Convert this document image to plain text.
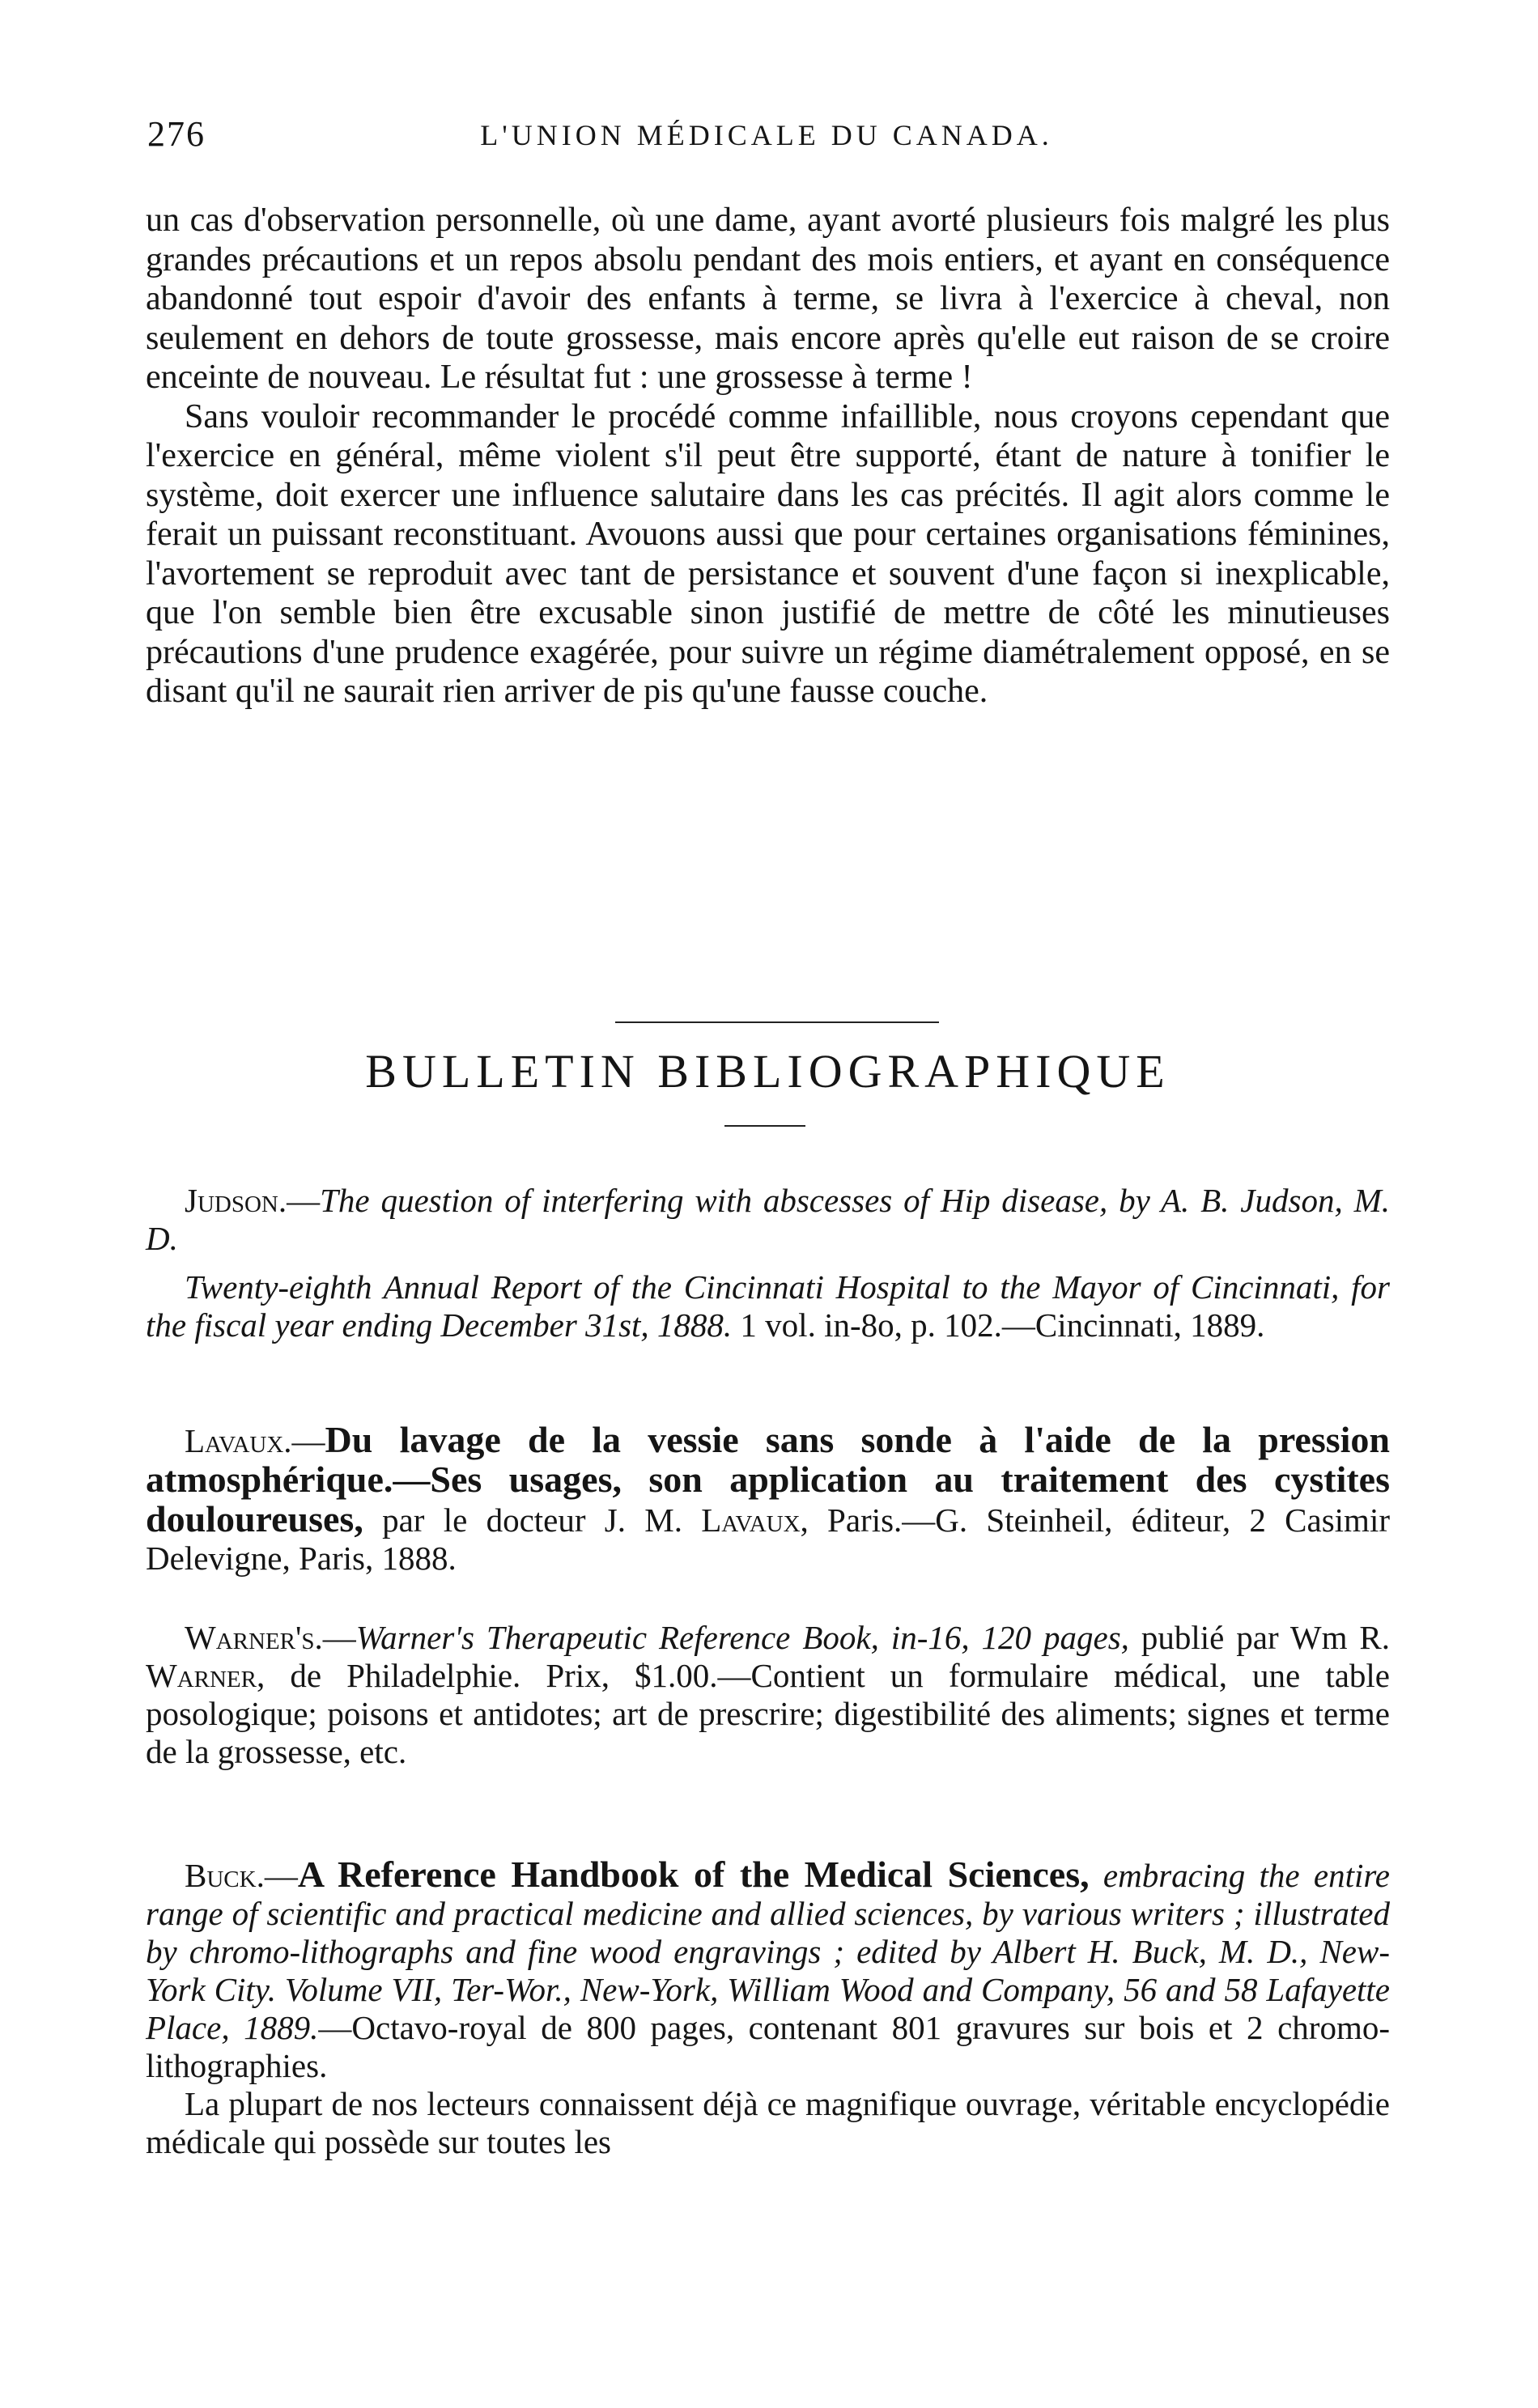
276	L'UNION MÉDICALE DU CANADA.

un cas d'observation personnelle, où une dame, ayant avorté plusieurs fois malgré les plus grandes précautions et un repos absolu pendant des mois entiers, et ayant en conséquence abandonné tout espoir d'avoir des enfants à terme, se livra à l'exercice à cheval, non seulement en dehors de toute grossesse, mais encore après qu'elle eut raison de se croire enceinte de nouveau. Le résultat fut : une grossesse à terme !

Sans vouloir recommander le procédé comme infaillible, nous croyons cependant que l'exercice en général, même violent s'il peut être supporté, étant de nature à tonifier le système, doit exercer une influence salutaire dans les cas précités. Il agit alors comme le ferait un puissant reconstituant. Avouons aussi que pour certaines organisations féminines, l'avortement se reproduit avec tant de persistance et souvent d'une façon si inexplicable, que l'on semble bien être excusable sinon justifié de mettre de côté les minutieuses précautions d'une prudence exagérée, pour suivre un régime diamétralement opposé, en se disant qu'il ne saurait rien arriver de pis qu'une fausse couche.

BULLETIN BIBLIOGRAPHIQUE

Judson.—The question of interfering with abscesses of Hip disease, by A. B. Judson, M. D.

Twenty-eighth Annual Report of the Cincinnati Hospital to the Mayor of Cincinnati, for the fiscal year ending December 31st, 1888. 1 vol. in-8o, p. 102.—Cincinnati, 1889.

Lavaux.—Du lavage de la vessie sans sonde à l'aide de la pression atmosphérique.—Ses usages, son application au traitement des cystites douloureuses, par le docteur J. M. Lavaux, Paris.—G. Steinheil, éditeur, 2 Casimir Delevigne, Paris, 1888.

Warner's.—Warner's Therapeutic Reference Book, in-16, 120 pages, publié par Wm R. Warner, de Philadelphie. Prix, $1.00.—Contient un formulaire médical, une table posologique; poisons et antidotes; art de prescrire; digestibilité des aliments; signes et terme de la grossesse, etc.

Buck.—A Reference Handbook of the Medical Sciences, embracing the entire range of scientific and practical medicine and allied sciences, by various writers ; illustrated by chromo-lithographs and fine wood engravings ; edited by Albert H. Buck, M. D., New-York City. Volume VII, Ter-Wor., New-York, William Wood and Company, 56 and 58 Lafayette Place, 1889.—Octavo-royal de 800 pages, contenant 801 gravures sur bois et 2 chromo-lithographies.

La plupart de nos lecteurs connaissent déjà ce magnifique ouvrage, véritable encyclopédie médicale qui possède sur toutes les
